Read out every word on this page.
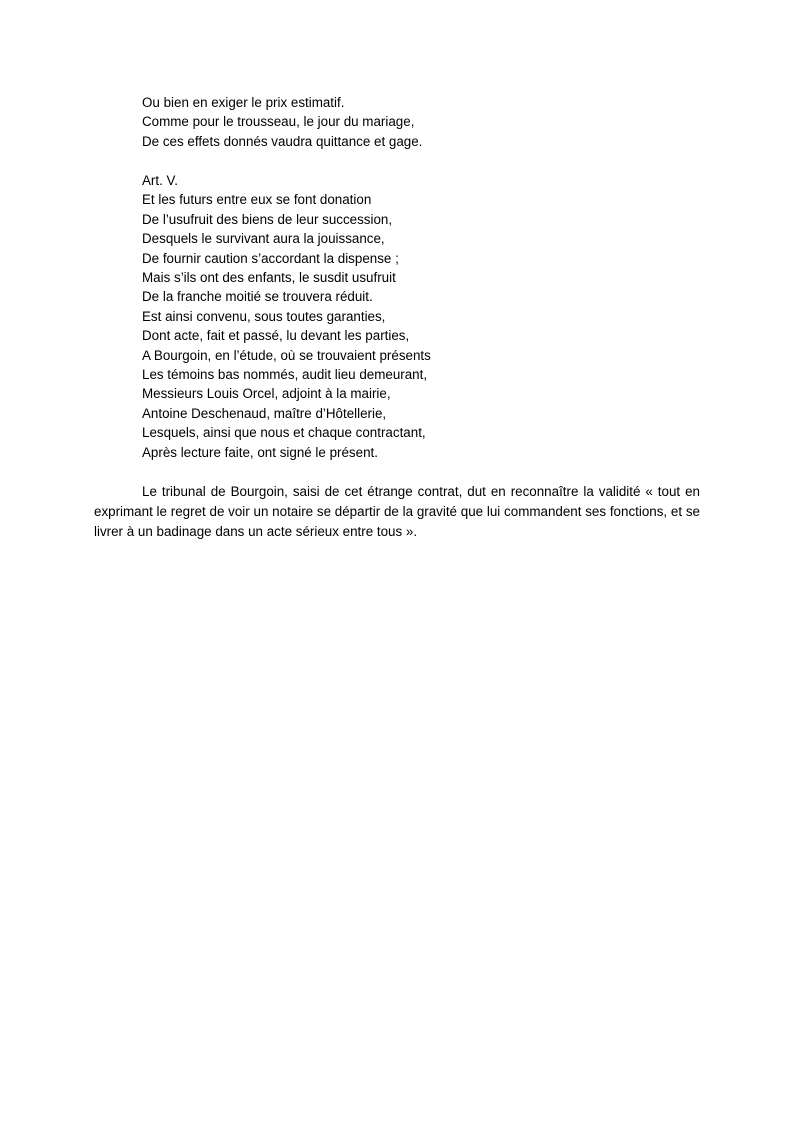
Ou bien en exiger le prix estimatif.
Comme pour le trousseau, le jour du mariage,
De ces effets donnés vaudra quittance et gage.
Art. V.
Et les futurs entre eux se font donation
De l’usufruit des biens de leur succession,
Desquels le survivant aura la jouissance,
De fournir caution s’accordant la dispense ;
Mais s’ils ont des enfants, le susdit usufruit
De la franche moitié se trouvera réduit.
Est ainsi convenu, sous toutes garanties,
Dont acte, fait et passé, lu devant les parties,
A Bourgoin, en l’étude, où se trouvaient présents
Les témoins bas nommés, audit lieu demeurant,
Messieurs Louis Orcel, adjoint à la mairie,
Antoine Deschenaud, maître d’Hôtellerie,
Lesquels, ainsi que nous et chaque contractant,
Après lecture faite, ont signé le présent.

Le tribunal de Bourgoin, saisi de cet étrange contrat, dut en reconnaître la validité « tout en exprimant le regret de voir un notaire se départir de la gravité que lui commandent ses fonctions, et se livrer à un badinage dans un acte sérieux entre tous ».
